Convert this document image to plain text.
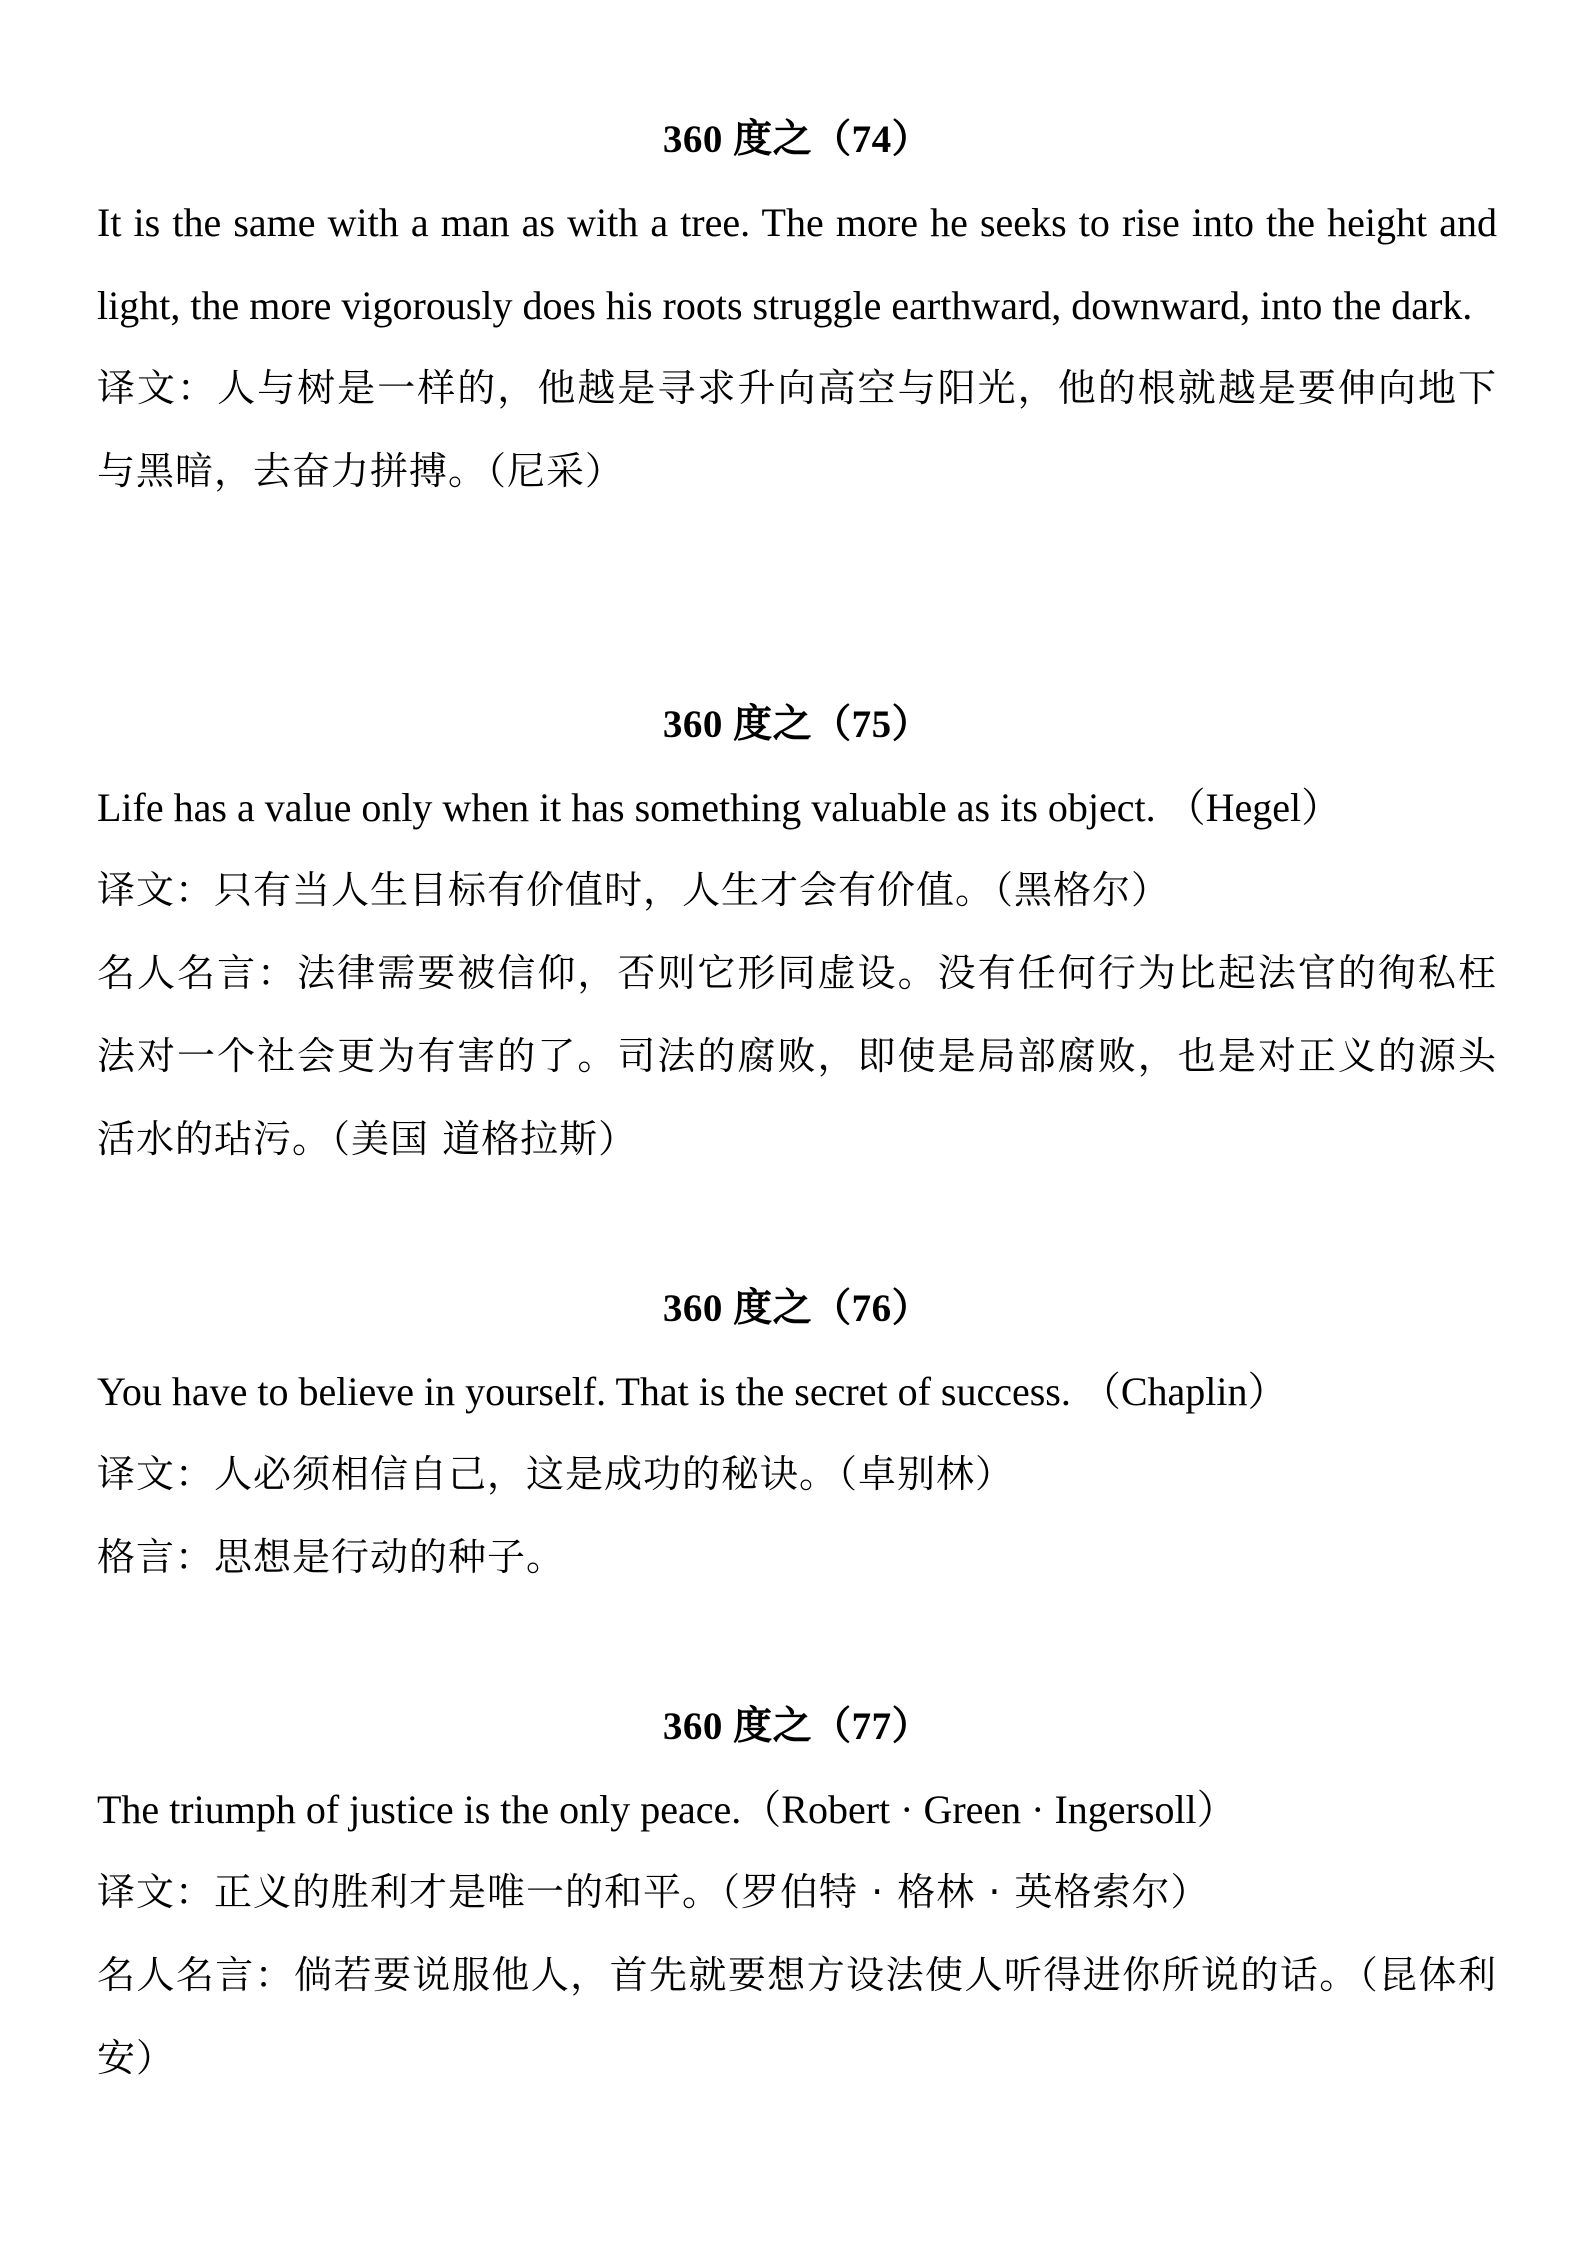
360 度之（74）

It is the same with a man as with a tree. The more he seeks to rise into the height and light, the more vigorously does his roots struggle earthward, downward, into the dark.

译文：人与树是一样的，他越是寻求升向高空与阳光，他的根就越是要伸向地下与黑暗，去奋力拼搏。（尼采）

360 度之（75）

Life has a value only when it has something valuable as its object. （Hegel）

译文：只有当人生目标有价值时，人生才会有价值。（黑格尔）

名人名言：法律需要被信仰，否则它形同虚设。没有任何行为比起法官的徇私枉法对一个社会更为有害的了。司法的腐败，即使是局部腐败，也是对正义的源头活水的玷污。（美国 道格拉斯）

360 度之（76）

You have to believe in yourself. That is the secret of success. （Chaplin）

译文：人必须相信自己，这是成功的秘诀。（卓别林）

格言：思想是行动的种子。

360 度之（77）

The triumph of justice is the only peace.（Robert · Green · Ingersoll）

译文：正义的胜利才是唯一的和平。（罗伯特 · 格林 · 英格索尔）

名人名言：倘若要说服他人，首先就要想方设法使人听得进你所说的话。（昆体利安）
